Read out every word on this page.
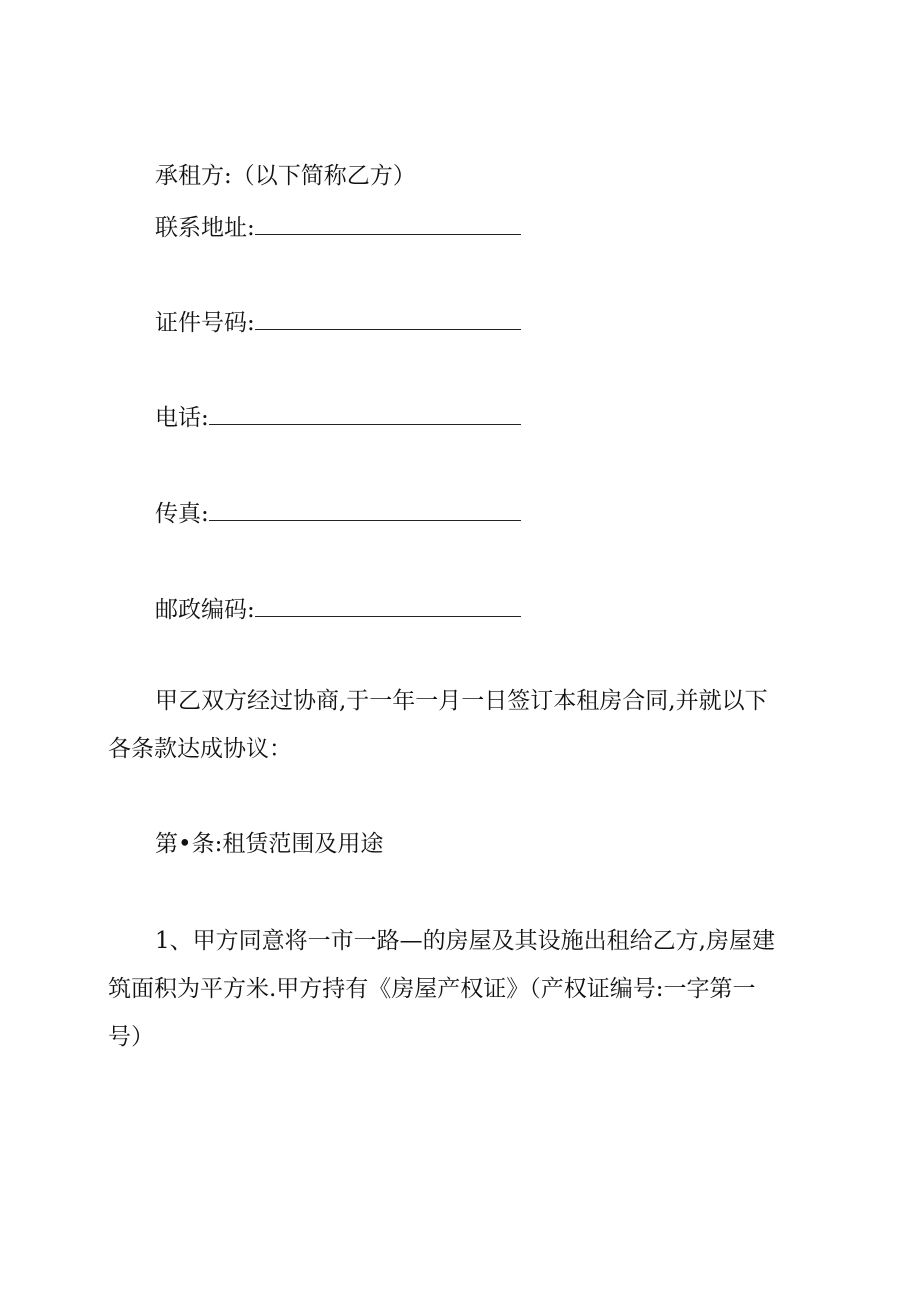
承租方:（以下简称乙方）

联系地址:

证件号码:

电话:

传真:

邮政编码:

甲乙双方经过协商,于一年一月一日签订本租房合同,并就以下

各条款达成协议：

第•条:租赁范围及用途

1、甲方同意将一市一路—的房屋及其设施出租给乙方,房屋建

筑面积为平方米.甲方持有《房屋产权证》（产权证编号:一字第一

号）
